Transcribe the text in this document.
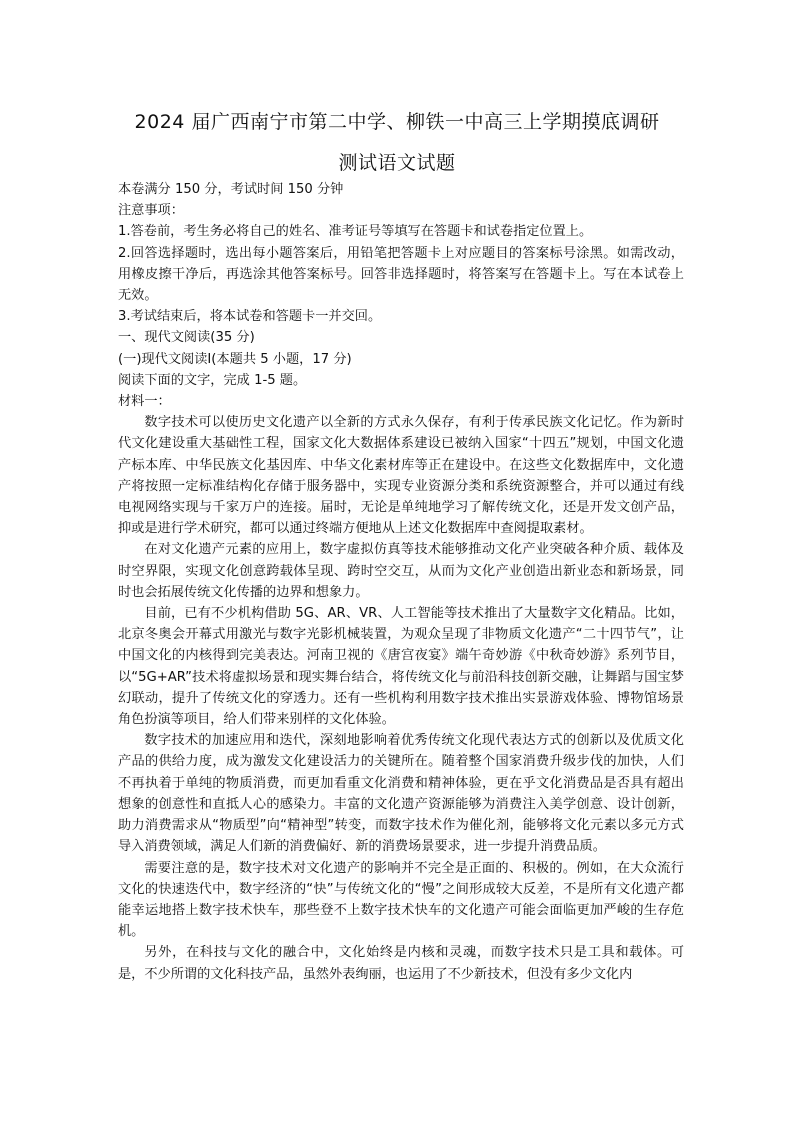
2024 届广西南宁市第二中学、柳铁一中高三上学期摸底调研
测试语文试题

本卷满分 150 分，考试时间 150 分钟

注意事项：

1.答卷前，考生务必将自己的姓名、准考证号等填写在答题卡和试卷指定位置上。

2.回答选择题时，选出每小题答案后，用铅笔把答题卡上对应题目的答案标号涂黑。如需改动，用橡皮擦干净后，再选涂其他答案标号。回答非选择题时，将答案写在答题卡上。写在本试卷上无效。

3.考试结束后，将本试卷和答题卡一并交回。

一、现代文阅读(35 分)

(一)现代文阅读Ⅰ(本题共 5 小题，17 分)

阅读下面的文字，完成 1-5 题。

材料一：

数字技术可以使历史文化遗产以全新的方式永久保存，有利于传承民族文化记忆。作为新时代文化建设重大基础性工程，国家文化大数据体系建设已被纳入国家“十四五”规划，中国文化遗产标本库、中华民族文化基因库、中华文化素材库等正在建设中。在这些文化数据库中，文化遗产将按照一定标准结构化存储于服务器中，实现专业资源分类和系统资源整合，并可以通过有线电视网络实现与千家万户的连接。届时，无论是单纯地学习了解传统文化，还是开发文创产品，抑或是进行学术研究，都可以通过终端方便地从上述文化数据库中查阅提取素材。

在对文化遗产元素的应用上，数字虚拟仿真等技术能够推动文化产业突破各种介质、载体及时空界限，实现文化创意跨载体呈现、跨时空交互，从而为文化产业创造出新业态和新场景，同时也会拓展传统文化传播的边界和想象力。

目前，已有不少机构借助 5G、AR、VR、人工智能等技术推出了大量数字文化精品。比如，北京冬奥会开幕式用激光与数字光影机械装置，为观众呈现了非物质文化遗产“二十四节气”，让中国文化的内核得到完美表达。河南卫视的《唐宫夜宴》端午奇妙游《中秋奇妙游》系列节目，以“5G+AR”技术将虚拟场景和现实舞台结合，将传统文化与前沿科技创新交融，让舞蹈与国宝梦幻联动，提升了传统文化的穿透力。还有一些机构利用数字技术推出实景游戏体验、博物馆场景角色扮演等项目，给人们带来别样的文化体验。

数字技术的加速应用和迭代，深刻地影响着优秀传统文化现代表达方式的创新以及优质文化产品的供给力度，成为激发文化建设活力的关键所在。随着整个国家消费升级步伐的加快，人们不再执着于单纯的物质消费，而更加看重文化消费和精神体验，更在乎文化消费品是否具有超出想象的创意性和直抵人心的感染力。丰富的文化遗产资源能够为消费注入美学创意、设计创新，助力消费需求从“物质型”向“精神型”转变，而数字技术作为催化剂，能够将文化元素以多元方式导入消费领域，满足人们新的消费偏好、新的消费场景要求，进一步提升消费品质。

需要注意的是，数字技术对文化遗产的影响并不完全是正面的、积极的。例如，在大众流行文化的快速迭代中，数字经济的“快”与传统文化的“慢”之间形成较大反差，不是所有文化遗产都能幸运地搭上数字技术快车，那些登不上数字技术快车的文化遗产可能会面临更加严峻的生存危机。

另外，在科技与文化的融合中，文化始终是内核和灵魂，而数字技术只是工具和载体。可是，不少所谓的文化科技产品，虽然外表绚丽，也运用了不少新技术，但没有多少文化内
